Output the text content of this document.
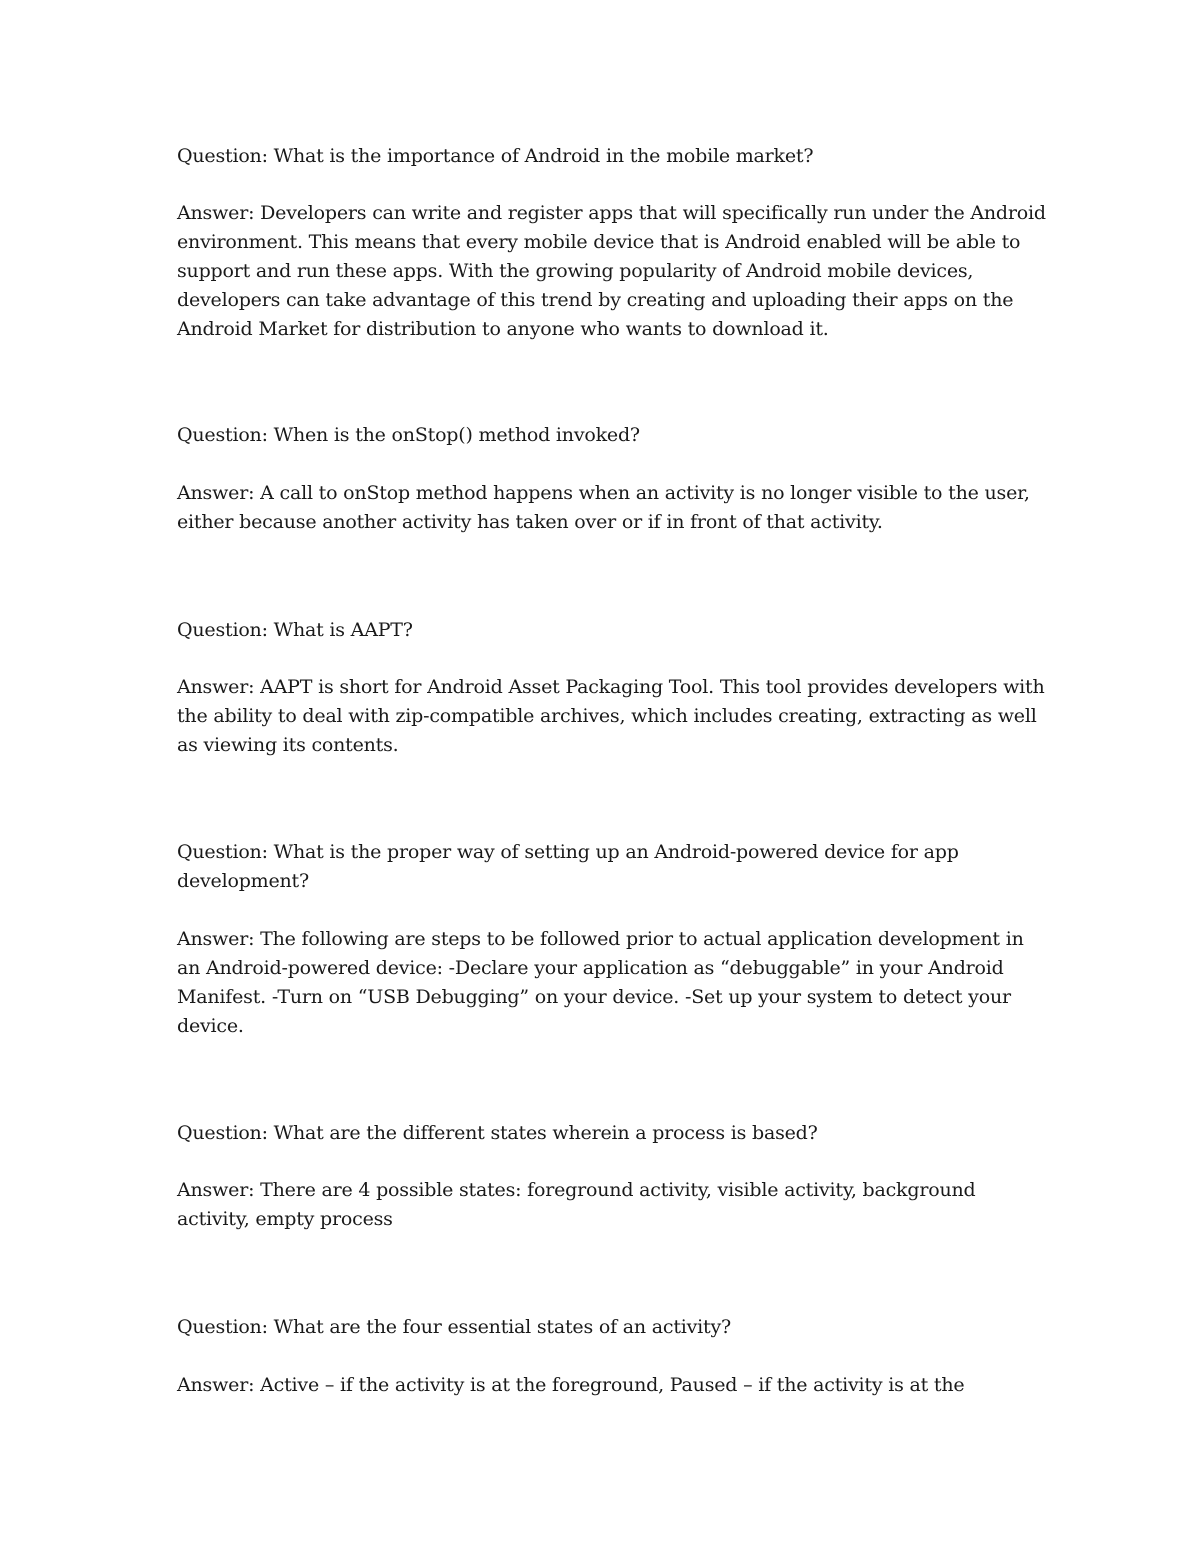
Question: What is the importance of Android in the mobile market?

Answer: Developers can write and register apps that will specifically run under the Android environment. This means that every mobile device that is Android enabled will be able to support and run these apps. With the growing popularity of Android mobile devices, developers can take advantage of this trend by creating and uploading their apps on the Android Market for distribution to anyone who wants to download it.

Question: When is the onStop() method invoked?

Answer: A call to onStop method happens when an activity is no longer visible to the user, either because another activity has taken over or if in front of that activity.

Question: What is AAPT?

Answer: AAPT is short for Android Asset Packaging Tool. This tool provides developers with the ability to deal with zip-compatible archives, which includes creating, extracting as well as viewing its contents.

Question: What is the proper way of setting up an Android-powered device for app development?

Answer: The following are steps to be followed prior to actual application development in an Android-powered device: -Declare your application as “debuggable” in your Android Manifest. -Turn on “USB Debugging” on your device. -Set up your system to detect your device.

Question: What are the different states wherein a process is based?

Answer: There are 4 possible states: foreground activity, visible activity, background activity, empty process

Question: What are the four essential states of an activity?

Answer: Active – if the activity is at the foreground, Paused – if the activity is at the
